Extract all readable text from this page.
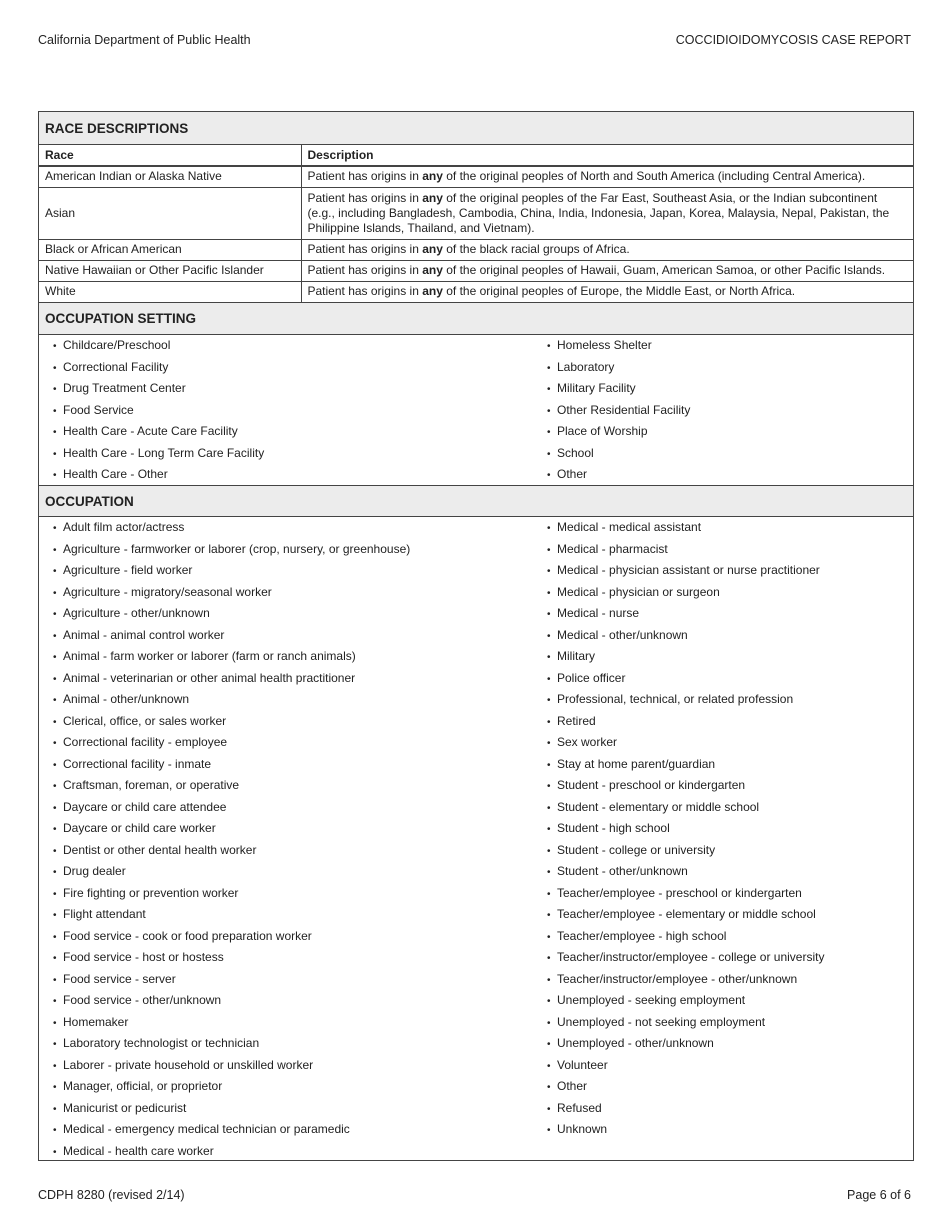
California Department of Public Health	COCCIDIOIDOMYCOSIS CASE REPORT
RACE DESCRIPTIONS
Race	Description
American Indian or Alaska Native	Patient has origins in any of the original peoples of North and South America (including Central America).
Asian	Patient has origins in any of the original peoples of the Far East, Southeast Asia, or the Indian subcontinent (e.g., including Bangladesh, Cambodia, China, India, Indonesia, Japan, Korea, Malaysia, Nepal, Pakistan, the Philippine Islands, Thailand, and Vietnam).
Black or African American	Patient has origins in any of the black racial groups of Africa.
Native Hawaiian or Other Pacific Islander	Patient has origins in any of the original peoples of Hawaii, Guam, American Samoa, or other Pacific Islands.
White	Patient has origins in any of the original peoples of Europe, the Middle East, or North Africa.
OCCUPATION SETTING
• Childcare/Preschool
• Correctional Facility
• Drug Treatment Center
• Food Service
• Health Care - Acute Care Facility
• Health Care - Long Term Care Facility
• Health Care - Other
• Homeless Shelter
• Laboratory
• Military Facility
• Other Residential Facility
• Place of Worship
• School
• Other
OCCUPATION
• Adult film actor/actress
• Agriculture - farmworker or laborer (crop, nursery, or greenhouse)
• Agriculture - field worker
• Agriculture - migratory/seasonal worker
• Agriculture - other/unknown
• Animal - animal control worker
• Animal - farm worker or laborer (farm or ranch animals)
• Animal - veterinarian or other animal health practitioner
• Animal - other/unknown
• Clerical, office, or sales worker
• Correctional facility - employee
• Correctional facility - inmate
• Craftsman, foreman, or operative
• Daycare or child care attendee
• Daycare or child care worker
• Dentist or other dental health worker
• Drug dealer
• Fire fighting or prevention worker
• Flight attendant
• Food service - cook or food preparation worker
• Food service - host or hostess
• Food service - server
• Food service - other/unknown
• Homemaker
• Laboratory technologist or technician
• Laborer - private household or unskilled worker
• Manager, official, or proprietor
• Manicurist or pedicurist
• Medical - emergency medical technician or paramedic
• Medical - health care worker
• Medical - medical assistant
• Medical - pharmacist
• Medical - physician assistant or nurse practitioner
• Medical - physician or surgeon
• Medical - nurse
• Medical - other/unknown
• Military
• Police officer
• Professional, technical, or related profession
• Retired
• Sex worker
• Stay at home parent/guardian
• Student - preschool or kindergarten
• Student - elementary or middle school
• Student - high school
• Student - college or university
• Student - other/unknown
• Teacher/employee - preschool or kindergarten
• Teacher/employee - elementary or middle school
• Teacher/employee - high school
• Teacher/instructor/employee - college or university
• Teacher/instructor/employee - other/unknown
• Unemployed - seeking employment
• Unemployed - not seeking employment
• Unemployed - other/unknown
• Volunteer
• Other
• Refused
• Unknown
CDPH 8280 (revised 2/14)	Page 6 of 6
